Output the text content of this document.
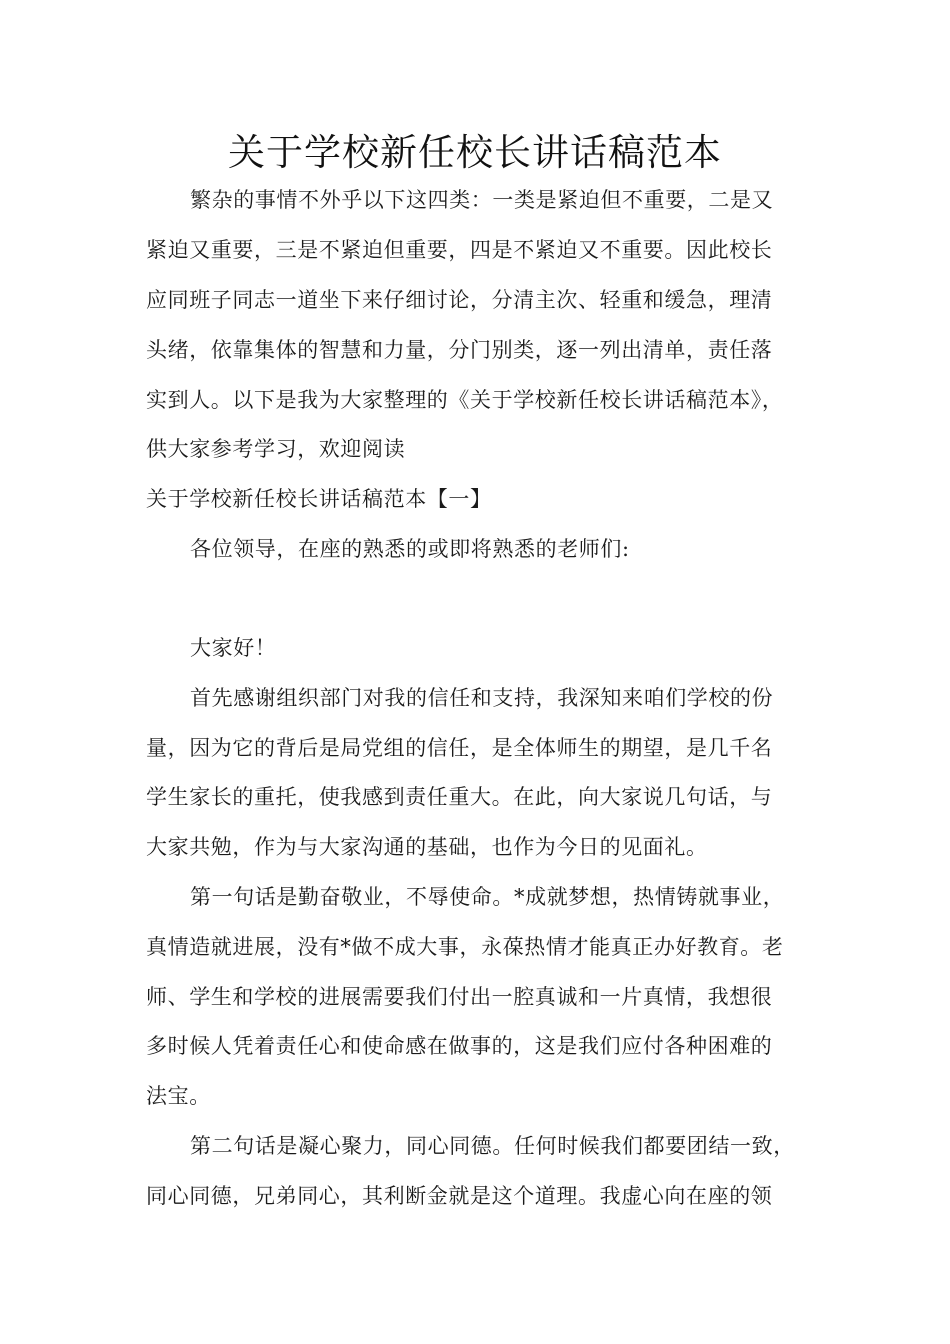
关于学校新任校长讲话稿范本
繁杂的事情不外乎以下这四类：一类是紧迫但不重要，二是又
紧迫又重要，三是不紧迫但重要，四是不紧迫又不重要。因此校长
应同班子同志一道坐下来仔细讨论，分清主次、轻重和缓急，理清
头绪，依靠集体的智慧和力量，分门别类，逐一列出清单，责任落
实到人。以下是我为大家整理的《关于学校新任校长讲话稿范本》，
供大家参考学习，欢迎阅读
关于学校新任校长讲话稿范本【一】
各位领导，在座的熟悉的或即将熟悉的老师们:
大家好！
首先感谢组织部门对我的信任和支持，我深知来咱们学校的份
量，因为它的背后是局党组的信任，是全体师生的期望，是几千名
学生家长的重托，使我感到责任重大。在此，向大家说几句话，与
大家共勉，作为与大家沟通的基础，也作为今日的见面礼。
第一句话是勤奋敬业，不辱使命。*成就梦想，热情铸就事业，
真情造就进展，没有*做不成大事，永葆热情才能真正办好教育。老
师、学生和学校的进展需要我们付出一腔真诚和一片真情，我想很
多时候人凭着责任心和使命感在做事的，这是我们应付各种困难的
法宝。
第二句话是凝心聚力，同心同德。任何时候我们都要团结一致，
同心同德，兄弟同心，其利断金就是这个道理。我虚心向在座的领
